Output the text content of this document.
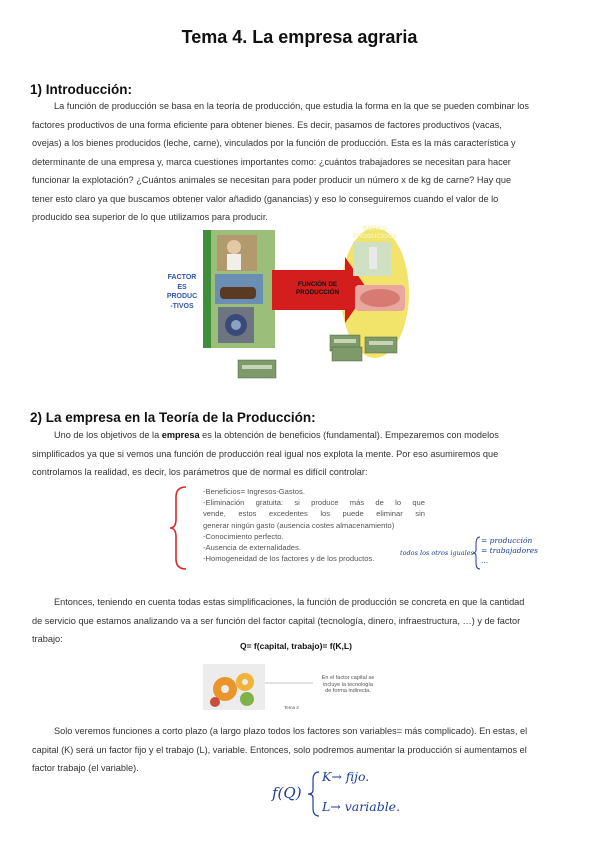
Tema 4. La empresa agraria
1) Introducción:

La función de producción se basa en la teoría de producción, que estudia la forma en la que se pueden combinar los

factores productivos de una forma eficiente para obtener bienes. Es decir, pasamos de factores productivos (vacas,

ovejas) a los bienes producidos (leche, carne), vinculados por la función de producción. Esta es la más característica y

determinante de una empresa y, marca cuestiones importantes como: ¿cuántos trabajadores se necesitan para hacer

funcionar la explotación? ¿Cuántos animales se necesitan para poder producir un número x de kg de carne? Hay que

tener esto claro ya que buscamos obtener valor añadido (ganancias) y eso lo conseguiremos cuando el valor de lo

producido sea superior de lo que utilizamos para producir.

FACTOR
ES
PRODUC
-TIVOS
FUNCIÓN DE
PRODUCCIÓN
BIENES
PRODUCIDOS
2) La empresa en la Teoría de la Producción:

Uno de los objetivos de la empresa es la obtención de beneficios (fundamental). Empezaremos con modelos

simplificados ya que si vemos una función de producción real igual nos explota la mente. Por eso asumiremos que

controlamos la realidad, es decir, los parámetros que de normal es difícil controlar:

-Beneficios= Ingresos-Gastos.
-Eliminación gratuita: si produce más de lo que
vende, estos excedentes los puede eliminar sin
generar ningún gasto (ausencia costes almacenamiento)
-Conocimiento perfecto.
-Ausencia de externalidades.
-Homogeneidad de los factores y de los productos.
todos los otros iguales
= producción
= trabajadores
...

Entonces, teniendo en cuenta todas estas simplificaciones, la función de producción se concreta en que la cantidad

de servicio que estamos analizando va a ser función del factor capital (tecnología, dinero, infraestructura, …) y de factor

trabajo:

Q= f(capital, trabajo)= f(K,L)
En el factor capital se incluye la tecnología de forma indirecta.
Tema 4

Solo veremos funciones a corto plazo (a largo plazo todos los factores son variables= más complicado). En estas, el

capital (K) será un factor fijo y el trabajo (L), variable. Entonces, solo podremos aumentar la producción si aumentamos el

factor trabajo (el variable).

f(Q)
K→ fijo.
L→ variable.
